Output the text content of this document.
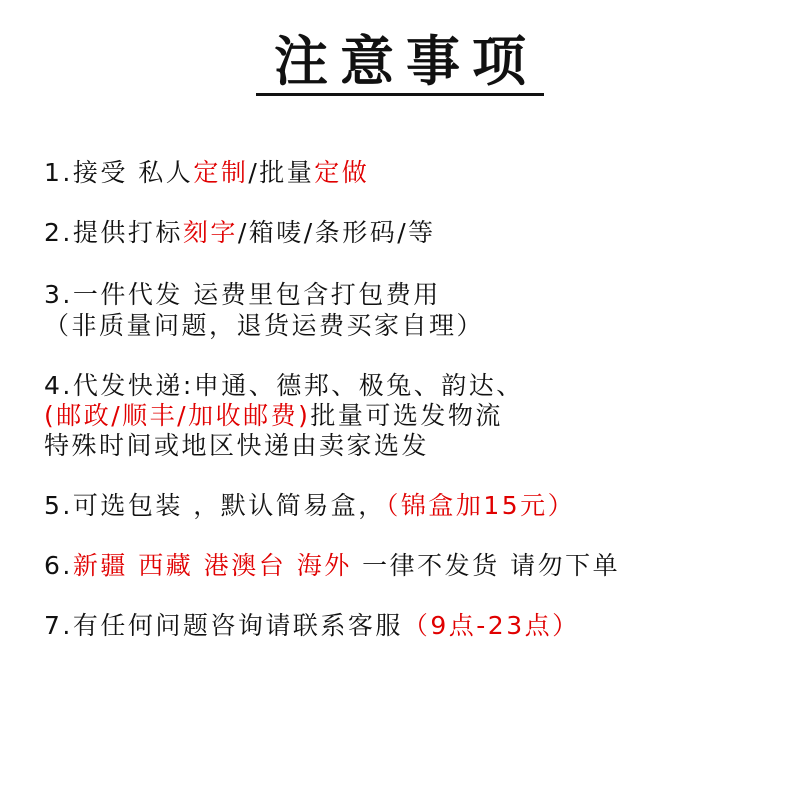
注意事项
1.接受 私人定制/批量定做
2.提供打标刻字/箱唛/条形码/等
3.一件代发 运费里包含打包费用
（非质量问题，退货运费买家自理）
4.代发快递:申通、德邦、极兔、韵达、
(邮政/顺丰/加收邮费)批量可选发物流
特殊时间或地区快递由卖家选发
5.可选包装 ，默认简易盒，（锦盒加15元）
6.新疆 西藏 港澳台 海外 一律不发货 请勿下单
7.有任何问题咨询请联系客服（9点-23点）
